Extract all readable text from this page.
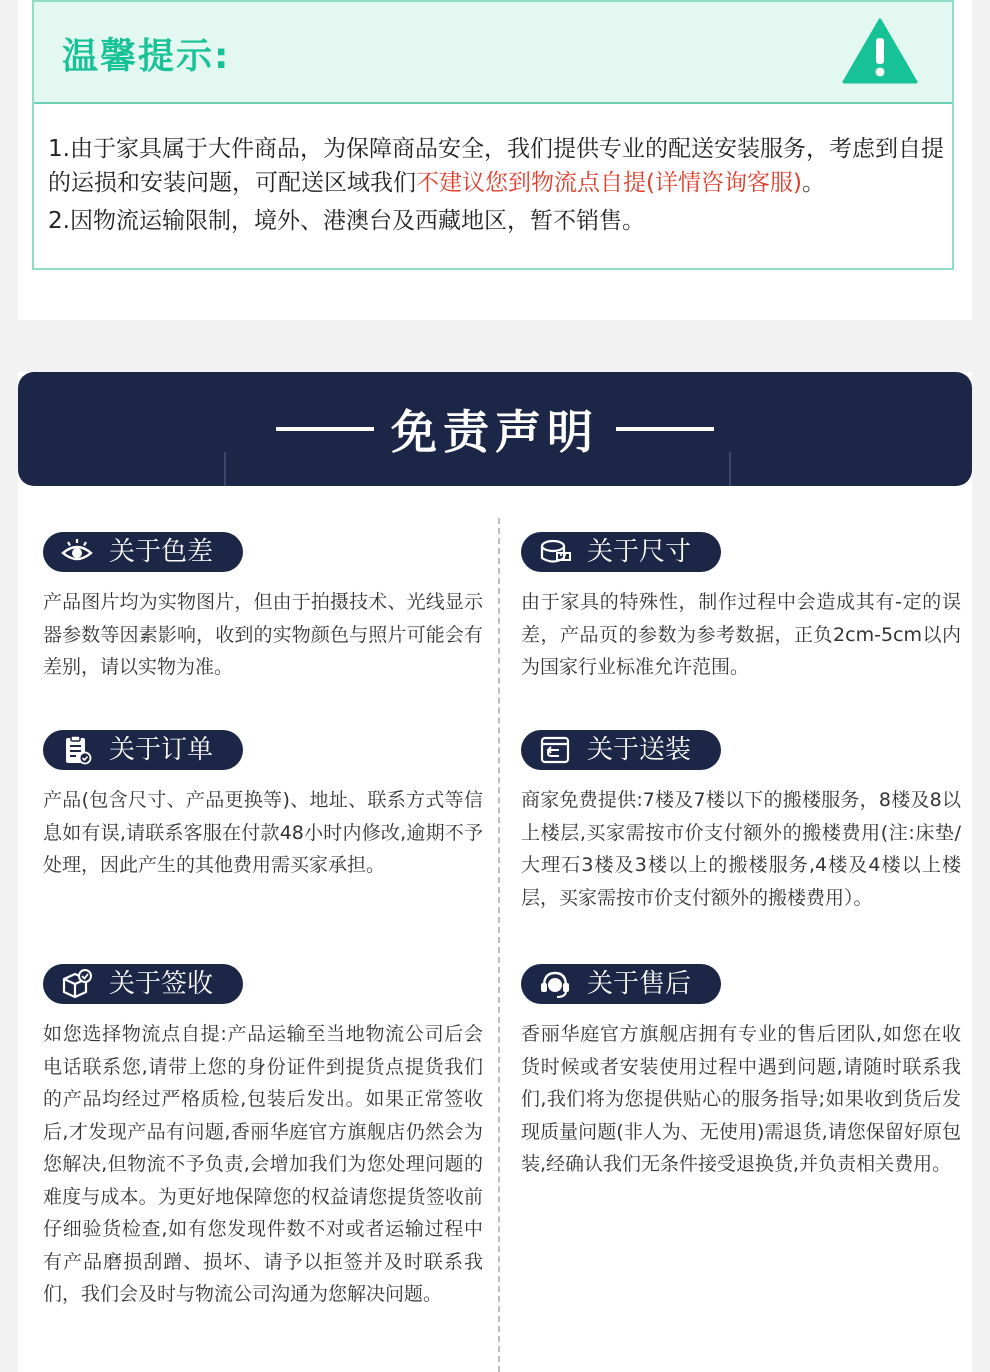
温馨提示:

1.由于家具属于大件商品，为保障商品安全，我们提供专业的配送安装服务，考虑到自提的运损和安装问题，可配送区域我们不建议您到物流点自提(详情咨询客服)。

2.因物流运输限制，境外、港澳台及西藏地区，暂不销售。

免责声明
关于色差
产品图片均为实物图片，但由于拍摄技术、光线显示器参数等因素影响，收到的实物颜色与照片可能会有差别，请以实物为准。
关于尺寸
由于家具的特殊性，制作过程中会造成其有-定的误差，产品页的参数为参考数据，正负2cm-5cm以内为国家行业标准允许范围。
关于订单
产品(包含尺寸、产品更换等)、地址、联系方式等信息如有误,请联系客服在付款48小时内修改,逾期不予处理，因此产生的其他费用需买家承担。
关于送装
商家免费提供:7楼及7楼以下的搬楼服务，8楼及8以上楼层,买家需按市价支付额外的搬楼费用(注:床垫/大理石3楼及3楼以上的搬楼服务,4楼及4楼以上楼层，买家需按市价支付额外的搬楼费用）。
关于签收
如您选择物流点自提:产品运输至当地物流公司后会电话联系您,请带上您的身份证件到提货点提货我们的产品均经过严格质检,包装后发出。如果正常签收后,才发现产品有问题,香丽华庭官方旗舰店仍然会为您解决,但物流不予负责,会增加我们为您处理问题的难度与成本。为更好地保障您的权益请您提货签收前仔细验货检查,如有您发现件数不对或者运输过程中有产品磨损刮蹭、损坏、请予以拒签并及时联系我们，我们会及时与物流公司沟通为您解决问题。
关于售后
香丽华庭官方旗舰店拥有专业的售后团队,如您在收货时候或者安装使用过程中遇到问题,请随时联系我们,我们将为您提供贴心的服务指导;如果收到货后发现质量问题(非人为、无使用)需退货,请您保留好原包装,经确认我们无条件接受退换货,并负责相关费用。
